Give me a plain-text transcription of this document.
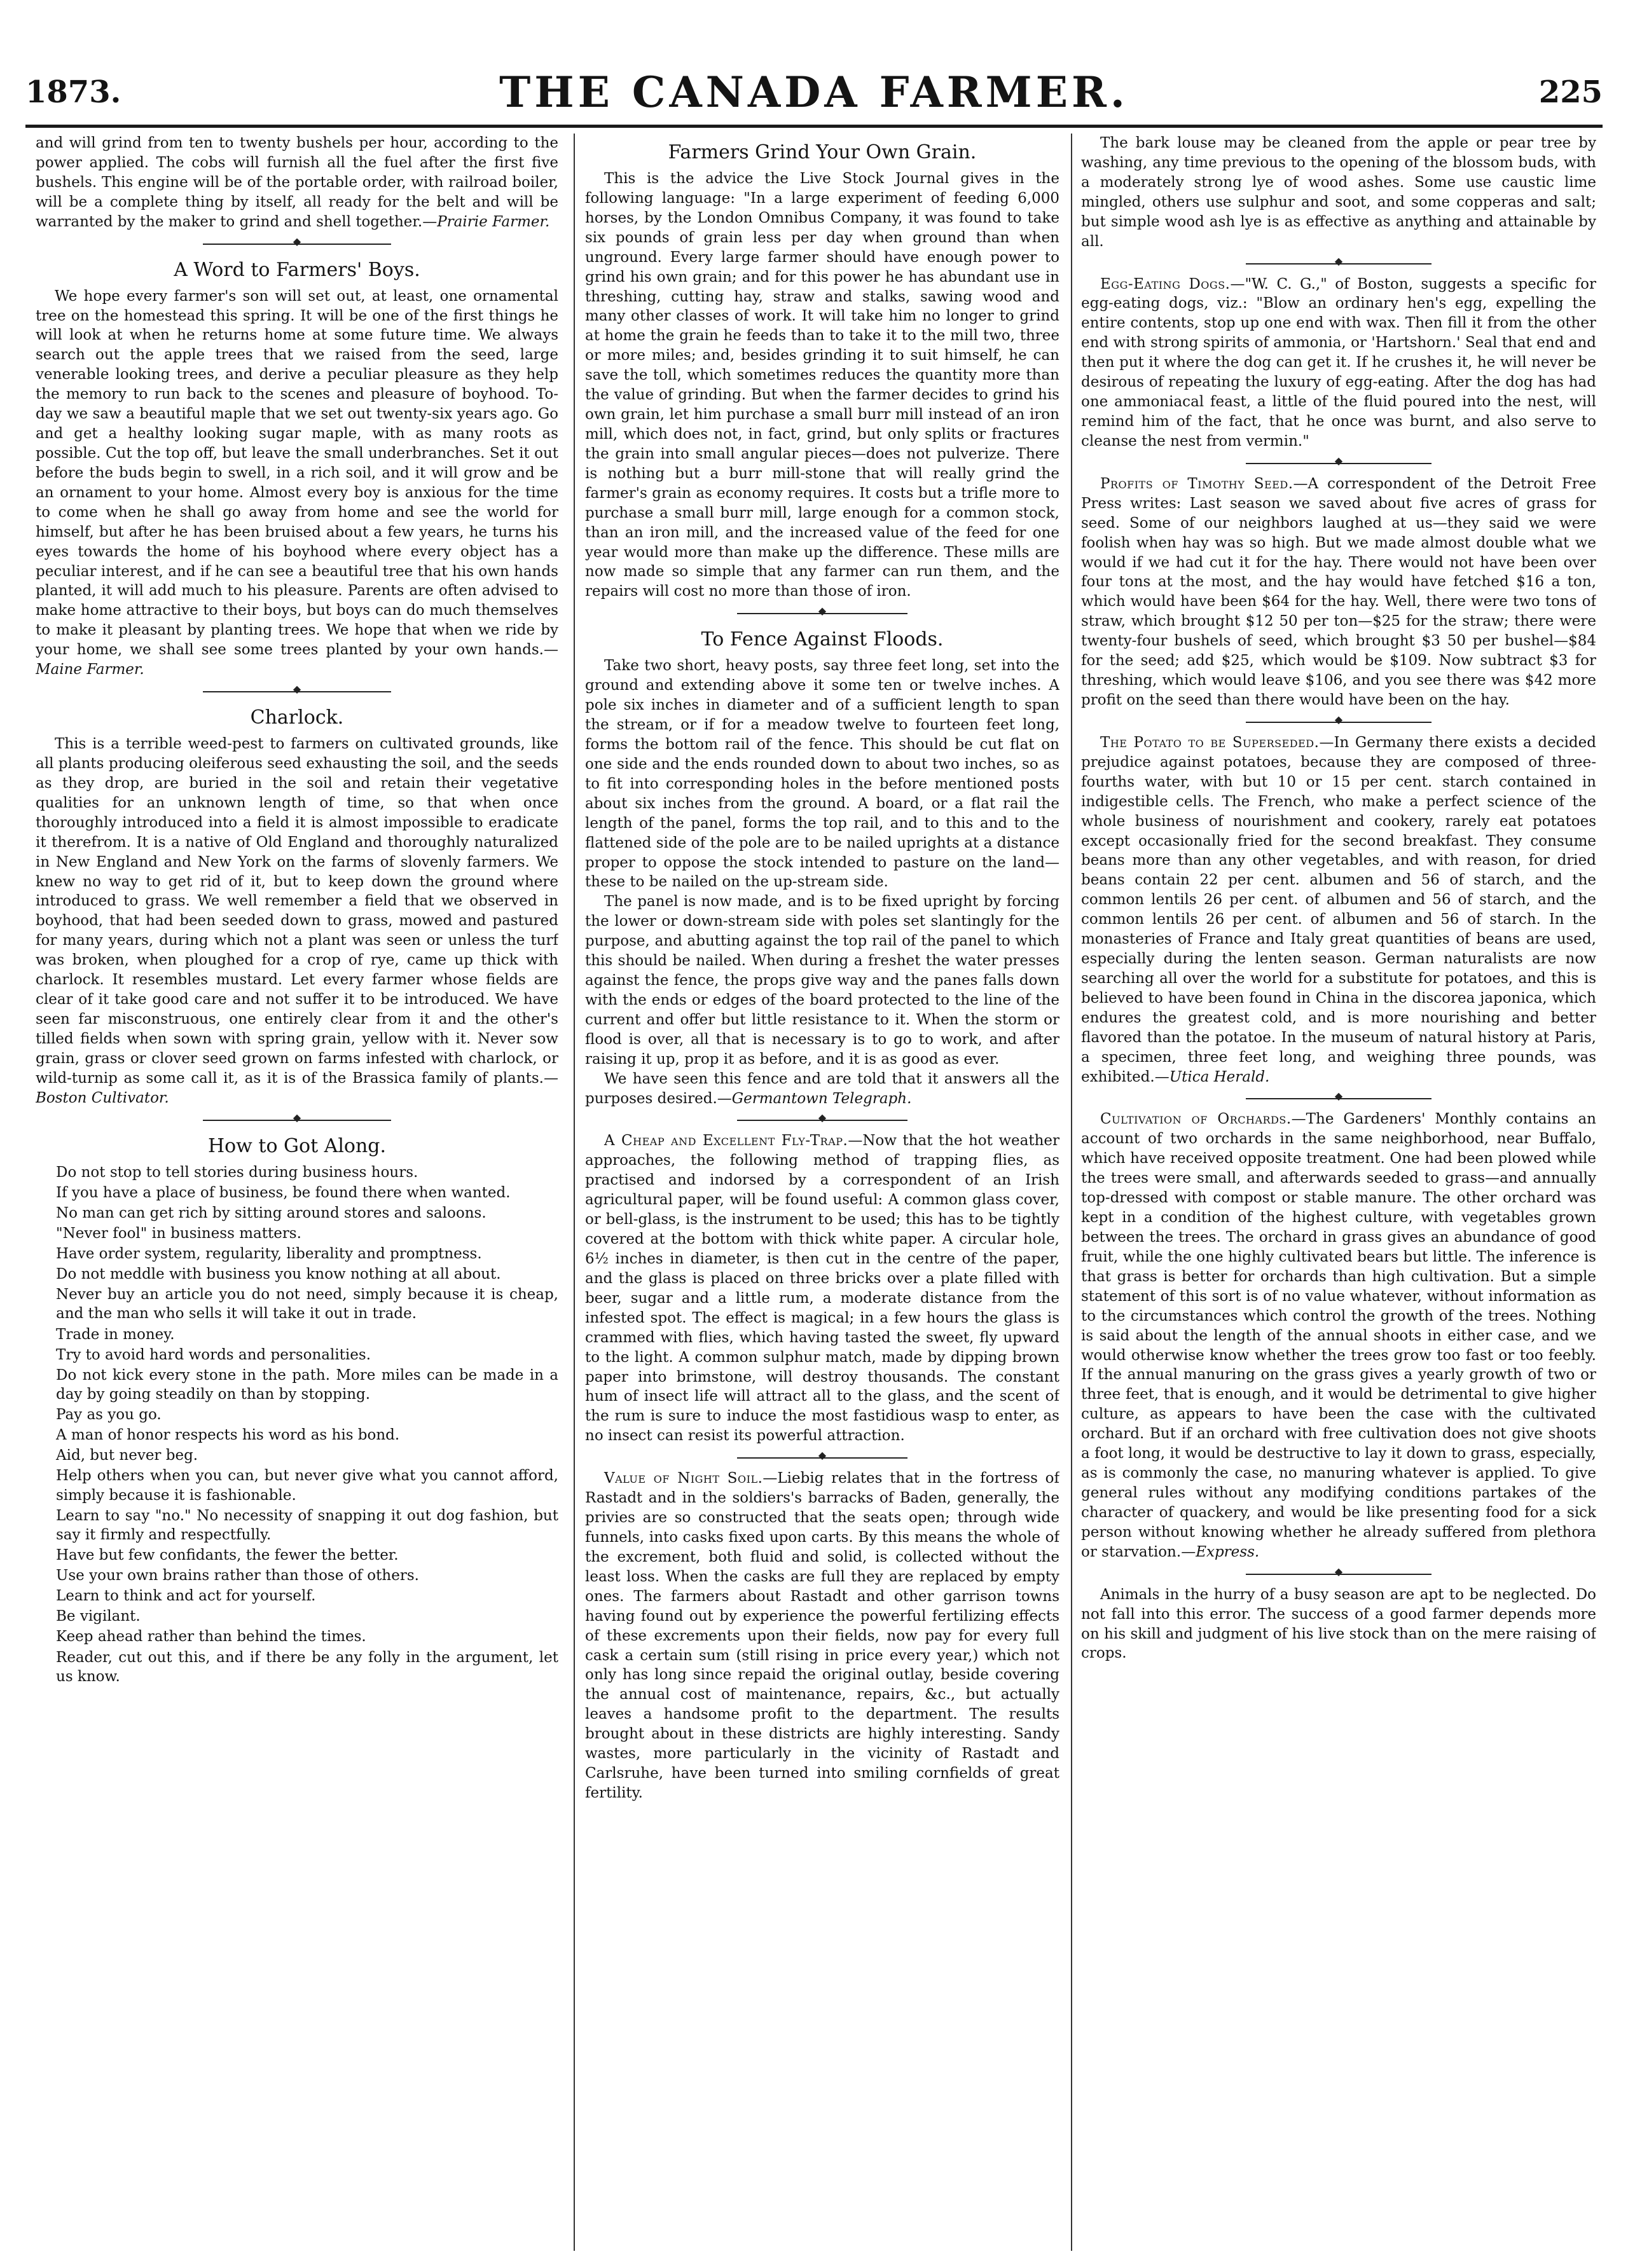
1873.	THE CANADA FARMER.	225

and will grind from ten to twenty bushels per hour, according to the power applied. The cobs will furnish all the fuel after the first five bushels. This engine will be of the portable order, with railroad boiler, will be a complete thing by itself, all ready for the belt and will be warranted by the maker to grind and shell together.—Prairie Farmer.

◆
A Word to Farmers' Boys.

We hope every farmer's son will set out, at least, one ornamental tree on the homestead this spring. It will be one of the first things he will look at when he returns home at some future time. We always search out the apple trees that we raised from the seed, large venerable looking trees, and derive a peculiar pleasure as they help the memory to run back to the scenes and pleasure of boyhood. To-day we saw a beautiful maple that we set out twenty-six years ago. Go and get a healthy looking sugar maple, with as many roots as possible. Cut the top off, but leave the small underbranches. Set it out before the buds begin to swell, in a rich soil, and it will grow and be an ornament to your home. Almost every boy is anxious for the time to come when he shall go away from home and see the world for himself, but after he has been bruised about a few years, he turns his eyes towards the home of his boyhood where every object has a peculiar interest, and if he can see a beautiful tree that his own hands planted, it will add much to his pleasure. Parents are often advised to make home attractive to their boys, but boys can do much themselves to make it pleasant by planting trees. We hope that when we ride by your home, we shall see some trees planted by your own hands.—Maine Farmer.

◆
Charlock.

This is a terrible weed-pest to farmers on cultivated grounds, like all plants producing oleiferous seed exhausting the soil, and the seeds as they drop, are buried in the soil and retain their vegetative qualities for an unknown length of time, so that when once thoroughly introduced into a field it is almost impossible to eradicate it therefrom. It is a native of Old England and thoroughly naturalized in New England and New York on the farms of slovenly farmers. We knew no way to get rid of it, but to keep down the ground where introduced to grass. We well remember a field that we observed in boyhood, that had been seeded down to grass, mowed and pastured for many years, during which not a plant was seen or unless the turf was broken, when ploughed for a crop of rye, came up thick with charlock. It resembles mustard. Let every farmer whose fields are clear of it take good care and not suffer it to be introduced. We have seen far misconstruous, one entirely clear from it and the other's tilled fields when sown with spring grain, yellow with it. Never sow grain, grass or clover seed grown on farms infested with charlock, or wild-turnip as some call it, as it is of the Brassica family of plants.—Boston Cultivator.

◆
How to Got Along.

Do not stop to tell stories during business hours.

If you have a place of business, be found there when wanted.

No man can get rich by sitting around stores and saloons.

"Never fool" in business matters.

Have order system, regularity, liberality and promptness.

Do not meddle with business you know nothing at all about.

Never buy an article you do not need, simply because it is cheap, and the man who sells it will take it out in trade.

Trade in money.

Try to avoid hard words and personalities.

Do not kick every stone in the path. More miles can be made in a day by going steadily on than by stopping.

Pay as you go.

A man of honor respects his word as his bond.

Aid, but never beg.

Help others when you can, but never give what you cannot afford, simply because it is fashionable.

Learn to say "no." No necessity of snapping it out dog fashion, but say it firmly and respectfully.

Have but few confidants, the fewer the better.

Use your own brains rather than those of others.

Learn to think and act for yourself.

Be vigilant.

Keep ahead rather than behind the times.

Reader, cut out this, and if there be any folly in the argument, let us know.

Farmers Grind Your Own Grain.

This is the advice the Live Stock Journal gives in the following language: "In a large experiment of feeding 6,000 horses, by the London Omnibus Company, it was found to take six pounds of grain less per day when ground than when unground. Every large farmer should have enough power to grind his own grain; and for this power he has abundant use in threshing, cutting hay, straw and stalks, sawing wood and many other classes of work. It will take him no longer to grind at home the grain he feeds than to take it to the mill two, three or more miles; and, besides grinding it to suit himself, he can save the toll, which sometimes reduces the quantity more than the value of grinding. But when the farmer decides to grind his own grain, let him purchase a small burr mill instead of an iron mill, which does not, in fact, grind, but only splits or fractures the grain into small angular pieces—does not pulverize. There is nothing but a burr mill-stone that will really grind the farmer's grain as economy requires. It costs but a trifle more to purchase a small burr mill, large enough for a common stock, than an iron mill, and the increased value of the feed for one year would more than make up the difference. These mills are now made so simple that any farmer can run them, and the repairs will cost no more than those of iron.

◆
To Fence Against Floods.

Take two short, heavy posts, say three feet long, set into the ground and extending above it some ten or twelve inches. A pole six inches in diameter and of a sufficient length to span the stream, or if for a meadow twelve to fourteen feet long, forms the bottom rail of the fence. This should be cut flat on one side and the ends rounded down to about two inches, so as to fit into corresponding holes in the before mentioned posts about six inches from the ground. A board, or a flat rail the length of the panel, forms the top rail, and to this and to the flattened side of the pole are to be nailed uprights at a distance proper to oppose the stock intended to pasture on the land—these to be nailed on the up-stream side.

The panel is now made, and is to be fixed upright by forcing the lower or down-stream side with poles set slantingly for the purpose, and abutting against the top rail of the panel to which this should be nailed. When during a freshet the water presses against the fence, the props give way and the panes falls down with the ends or edges of the board protected to the line of the current and offer but little resistance to it. When the storm or flood is over, all that is necessary is to go to work, and after raising it up, prop it as before, and it is as good as ever.

We have seen this fence and are told that it answers all the purposes desired.—Germantown Telegraph.

◆

A Cheap and Excellent Fly-Trap.—Now that the hot weather approaches, the following method of trapping flies, as practised and indorsed by a correspondent of an Irish agricultural paper, will be found useful: A common glass cover, or bell-glass, is the instrument to be used; this has to be tightly covered at the bottom with thick white paper. A circular hole, 6½ inches in diameter, is then cut in the centre of the paper, and the glass is placed on three bricks over a plate filled with beer, sugar and a little rum, a moderate distance from the infested spot. The effect is magical; in a few hours the glass is crammed with flies, which having tasted the sweet, fly upward to the light. A common sulphur match, made by dipping brown paper into brimstone, will destroy thousands. The constant hum of insect life will attract all to the glass, and the scent of the rum is sure to induce the most fastidious wasp to enter, as no insect can resist its powerful attraction.

◆

Value of Night Soil.—Liebig relates that in the fortress of Rastadt and in the soldiers's barracks of Baden, generally, the privies are so constructed that the seats open; through wide funnels, into casks fixed upon carts. By this means the whole of the excrement, both fluid and solid, is collected without the least loss. When the casks are full they are replaced by empty ones. The farmers about Rastadt and other garrison towns having found out by experience the powerful fertilizing effects of these excrements upon their fields, now pay for every full cask a certain sum (still rising in price every year,) which not only has long since repaid the original outlay, beside covering the annual cost of maintenance, repairs, &c., but actually leaves a handsome profit to the department. The results brought about in these districts are highly interesting. Sandy wastes, more particularly in the vicinity of Rastadt and Carlsruhe, have been turned into smiling cornfields of great fertility.

The bark louse may be cleaned from the apple or pear tree by washing, any time previous to the opening of the blossom buds, with a moderately strong lye of wood ashes. Some use caustic lime mingled, others use sulphur and soot, and some copperas and salt; but simple wood ash lye is as effective as anything and attainable by all.

◆

Egg-Eating Dogs.—"W. C. G.," of Boston, suggests a specific for egg-eating dogs, viz.: "Blow an ordinary hen's egg, expelling the entire contents, stop up one end with wax. Then fill it from the other end with strong spirits of ammonia, or 'Hartshorn.' Seal that end and then put it where the dog can get it. If he crushes it, he will never be desirous of repeating the luxury of egg-eating. After the dog has had one ammoniacal feast, a little of the fluid poured into the nest, will remind him of the fact, that he once was burnt, and also serve to cleanse the nest from vermin."

◆

Profits of Timothy Seed.—A correspondent of the Detroit Free Press writes: Last season we saved about five acres of grass for seed. Some of our neighbors laughed at us—they said we were foolish when hay was so high. But we made almost double what we would if we had cut it for the hay. There would not have been over four tons at the most, and the hay would have fetched $16 a ton, which would have been $64 for the hay. Well, there were two tons of straw, which brought $12 50 per ton—$25 for the straw; there were twenty-four bushels of seed, which brought $3 50 per bushel—$84 for the seed; add $25, which would be $109. Now subtract $3 for threshing, which would leave $106, and you see there was $42 more profit on the seed than there would have been on the hay.

◆

The Potato to be Superseded.—In Germany there exists a decided prejudice against potatoes, because they are composed of three-fourths water, with but 10 or 15 per cent. starch contained in indigestible cells. The French, who make a perfect science of the whole business of nourishment and cookery, rarely eat potatoes except occasionally fried for the second breakfast. They consume beans more than any other vegetables, and with reason, for dried beans contain 22 per cent. albumen and 56 of starch, and the common lentils 26 per cent. of albumen and 56 of starch, and the common lentils 26 per cent. of albumen and 56 of starch. In the monasteries of France and Italy great quantities of beans are used, especially during the lenten season. German naturalists are now searching all over the world for a substitute for potatoes, and this is believed to have been found in China in the discorea japonica, which endures the greatest cold, and is more nourishing and better flavored than the potatoe. In the museum of natural history at Paris, a specimen, three feet long, and weighing three pounds, was exhibited.—Utica Herald.

◆

Cultivation of Orchards.—The Gardeners' Monthly contains an account of two orchards in the same neighborhood, near Buffalo, which have received opposite treatment. One had been plowed while the trees were small, and afterwards seeded to grass—and annually top-dressed with compost or stable manure. The other orchard was kept in a condition of the highest culture, with vegetables grown between the trees. The orchard in grass gives an abundance of good fruit, while the one highly cultivated bears but little. The inference is that grass is better for orchards than high cultivation. But a simple statement of this sort is of no value whatever, without information as to the circumstances which control the growth of the trees. Nothing is said about the length of the annual shoots in either case, and we would otherwise know whether the trees grow too fast or too feebly. If the annual manuring on the grass gives a yearly growth of two or three feet, that is enough, and it would be detrimental to give higher culture, as appears to have been the case with the cultivated orchard. But if an orchard with free cultivation does not give shoots a foot long, it would be destructive to lay it down to grass, especially, as is commonly the case, no manuring whatever is applied. To give general rules without any modifying conditions partakes of the character of quackery, and would be like presenting food for a sick person without knowing whether he already suffered from plethora or starvation.—Express.

◆

Animals in the hurry of a busy season are apt to be neglected. Do not fall into this error. The success of a good farmer depends more on his skill and judgment of his live stock than on the mere raising of crops.
